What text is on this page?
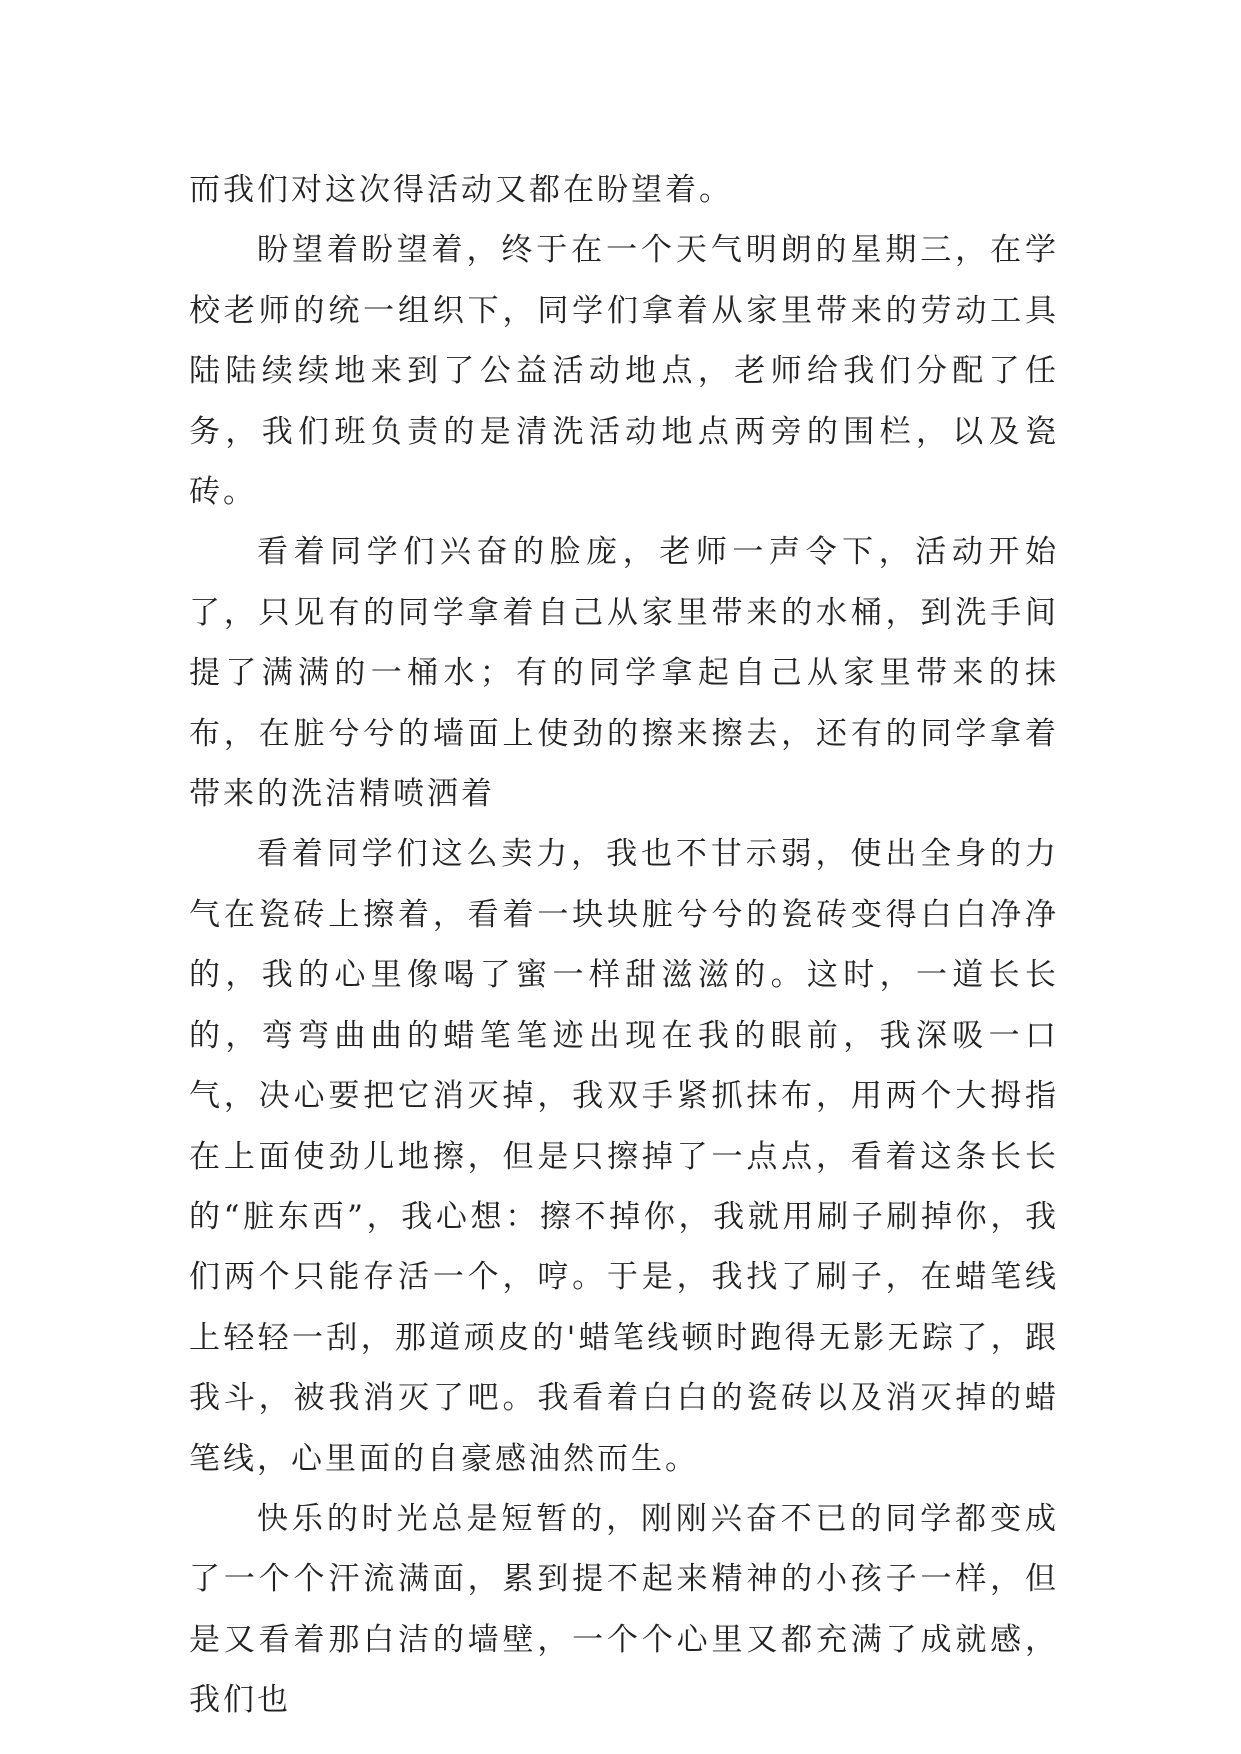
而我们对这次得活动又都在盼望着。

盼望着盼望着，终于在一个天气明朗的星期三，在学校老师的统一组织下，同学们拿着从家里带来的劳动工具陆陆续续地来到了公益活动地点，老师给我们分配了任务，我们班负责的是清洗活动地点两旁的围栏，以及瓷砖。

看着同学们兴奋的脸庞，老师一声令下，活动开始了，只见有的同学拿着自己从家里带来的水桶，到洗手间提了满满的一桶水；有的同学拿起自己从家里带来的抹布，在脏兮兮的墙面上使劲的擦来擦去，还有的同学拿着带来的洗洁精喷洒着

看着同学们这么卖力，我也不甘示弱，使出全身的力气在瓷砖上擦着，看着一块块脏兮兮的瓷砖变得白白净净的，我的心里像喝了蜜一样甜滋滋的。这时，一道长长的，弯弯曲曲的蜡笔笔迹出现在我的眼前，我深吸一口气，决心要把它消灭掉，我双手紧抓抹布，用两个大拇指在上面使劲儿地擦，但是只擦掉了一点点，看着这条长长的“脏东西”，我心想：擦不掉你，我就用刷子刷掉你，我们两个只能存活一个，哼。于是，我找了刷子，在蜡笔线上轻轻一刮，那道顽皮的'蜡笔线顿时跑得无影无踪了，跟我斗，被我消灭了吧。我看着白白的瓷砖以及消灭掉的蜡笔线，心里面的自豪感油然而生。

快乐的时光总是短暂的，刚刚兴奋不已的同学都变成了一个个汗流满面，累到提不起来精神的小孩子一样，但是又看着那白洁的墙壁，一个个心里又都充满了成就感，我们也
